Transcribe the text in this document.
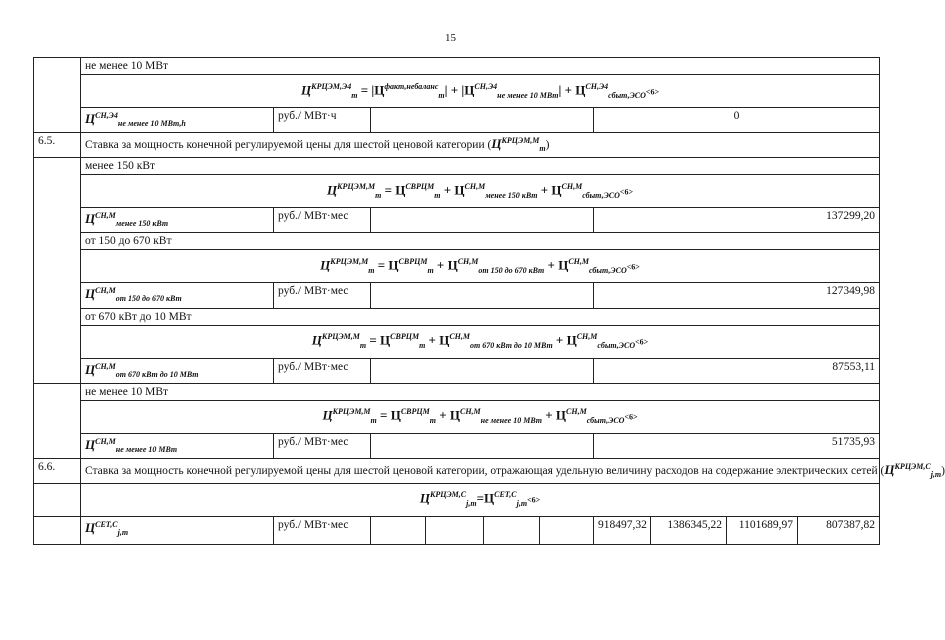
15
	не менее 10 МВт									
	$Ц^{КРЦЭМ,Э4}_m = |Ц^{факт,небаланс}_m| + |Ц^{СН,Э4}_{не менее 10 МВт}| + Ц^{СН,Э4}_{сбыт,ЭСО}<6>$									
	$Ц^{СН,Э4}_{не менее 10 МВт,h}$	руб./ МВт·ч					0			
6.5.	Ставка за мощность конечной регулируемой цены для шестой ценовой категории $(Ц^{КРЦЭМ,М}_m)$									
	менее 150 кВт									
	$Ц^{КРЦЭМ,М}_m = Ц^{СВРЦМ}_m + Ц^{СН,М}_{менее 150 кВт} + Ц^{СН,М}_{сбыт,ЭСО}<6>$									
	$Ц^{СН,М}_{менее 150 кВт}$	руб./ МВт·мес					137299,20			
	от 150 до 670 кВт									
	$Ц^{КРЦЭМ,М}_m = Ц^{СВРЦМ}_m + Ц^{СН,М}_{от 150 до 670 кВт} + Ц^{СН,М}_{сбыт,ЭСО}<6>$									
	$Ц^{СН,М}_{от 150 до 670 кВт}$	руб./ МВт·мес					127349,98			
	от 670 кВт до 10 МВт									
	$Ц^{КРЦЭМ,М}_m = Ц^{СВРЦМ}_m + Ц^{СН,М}_{от 670 кВт до 10 МВт} + Ц^{СН,М}_{сбыт,ЭСО}<6>$									
	$Ц^{СН,М}_{от 670 кВт до 10 МВт}$	руб./ МВт·мес					87553,11			
	не менее 10 МВт									
	$Ц^{КРЦЭМ,М}_m = Ц^{СВРЦМ}_m + Ц^{СН,М}_{не менее 10 МВт} + Ц^{СН,М}_{сбыт,ЭСО}<6>$									
	$Ц^{СН,М}_{не менее 10 МВт}$	руб./ МВт·мес					51735,93			
6.6.	Ставка за мощность конечной регулируемой цены для шестой ценовой категории, отражающая удельную величину расходов на содержание электрических сетей $(Ц^{КРЦЭМ,С}_{j,m})$									
	$Ц^{КРЦЭМ,С}_{j,m}=Ц^{СЕТ,С}_{j,m}<6>$									
	$Ц^{СЕТ,С}_{j,m}$	руб./ МВт·мес					918497,32	1386345,22	1101689,97	807387,82
